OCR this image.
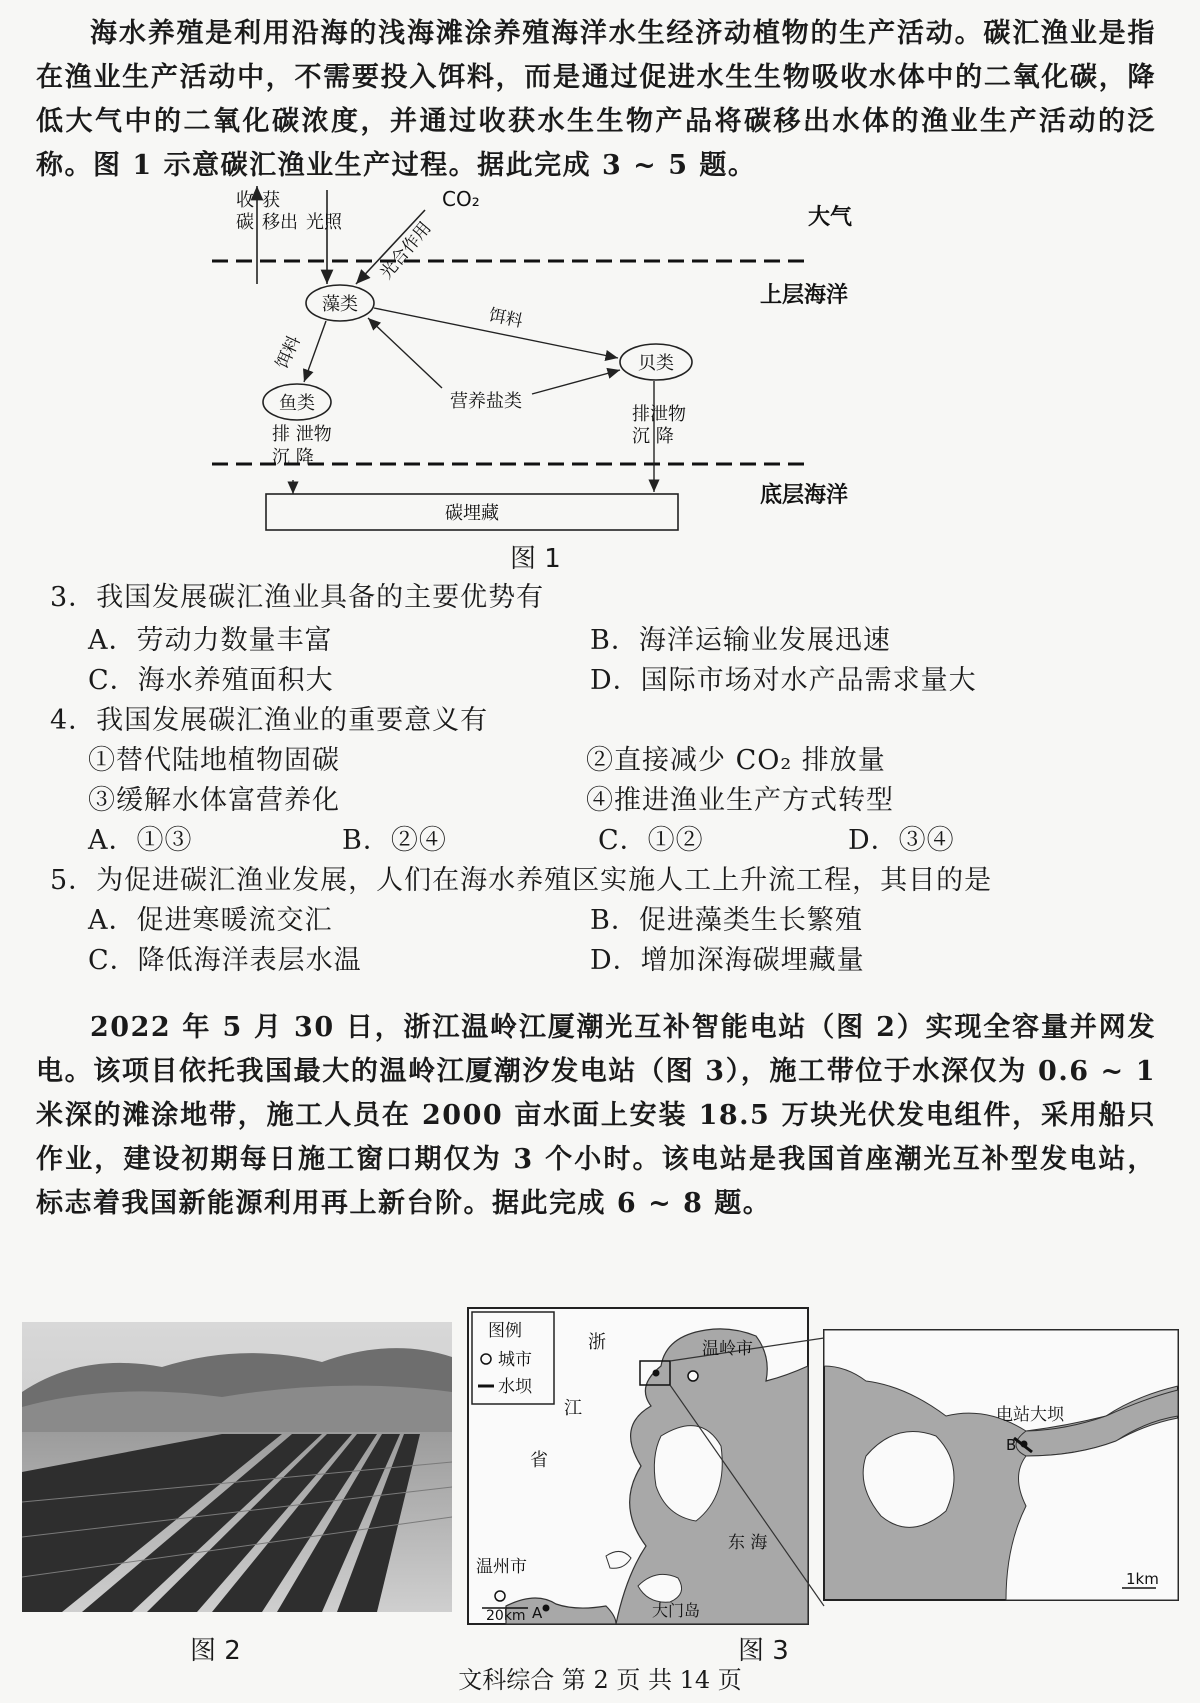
海水养殖是利用沿海的浅海滩涂养殖海洋水生经济动植物的生产活动。碳汇渔业是指在渔业生产活动中，不需要投入饵料，而是通过促进水生生物吸收水体中的二氧化碳，降低大气中的二氧化碳浓度，并通过收获水生生物产品将碳移出水体的渔业生产活动的泛称。图 1 示意碳汇渔业生产过程。据此完成 3 ~ 5 题。

大气
上层海洋
底层海洋
收
碳
获
移出 光照 光合作用
CO₂
藻类
贝类
鱼类
饵料
饵料
营养盐类
排 泄物
沉 降
排泄物
沉 降
碳埋藏
图 1
3．我国发展碳汇渔业具备的主要优势有
A．劳动力数量丰富	B．海洋运输业发展迅速
C．海水养殖面积大	D．国际市场对水产品需求量大
4．我国发展碳汇渔业的重要意义有
①替代陆地植物固碳	②直接减少 CO₂ 排放量
③缓解水体富营养化	④推进渔业生产方式转型
A．①③	B．②④	C．①②	D．③④
5．为促进碳汇渔业发展，人们在海水养殖区实施人工上升流工程，其目的是
A．促进寒暖流交汇	B．促进藻类生长繁殖
C．降低海洋表层水温	D．增加深海碳埋藏量

2022 年 5 月 30 日，浙江温岭江厦潮光互补智能电站（图 2）实现全容量并网发电。该项目依托我国最大的温岭江厦潮汐发电站（图 3），施工带位于水深仅为 0.6 ~ 1 米深的滩涂地带，施工人员在 2000 亩水面上安装 18.5 万块光伏发电组件，采用船只作业，建设初期每日施工窗口期仅为 3 个小时。该电站是我国首座潮光互补型发电站，标志着我国新能源利用再上新台阶。据此完成 6 ~ 8 题。

图 2
图例
城市
水坝
浙
江
省
温岭市
温州市
A
东 海
大门岛
20km
电站大坝
B
1km
图 3
文科综合 第 2 页 共 14 页
